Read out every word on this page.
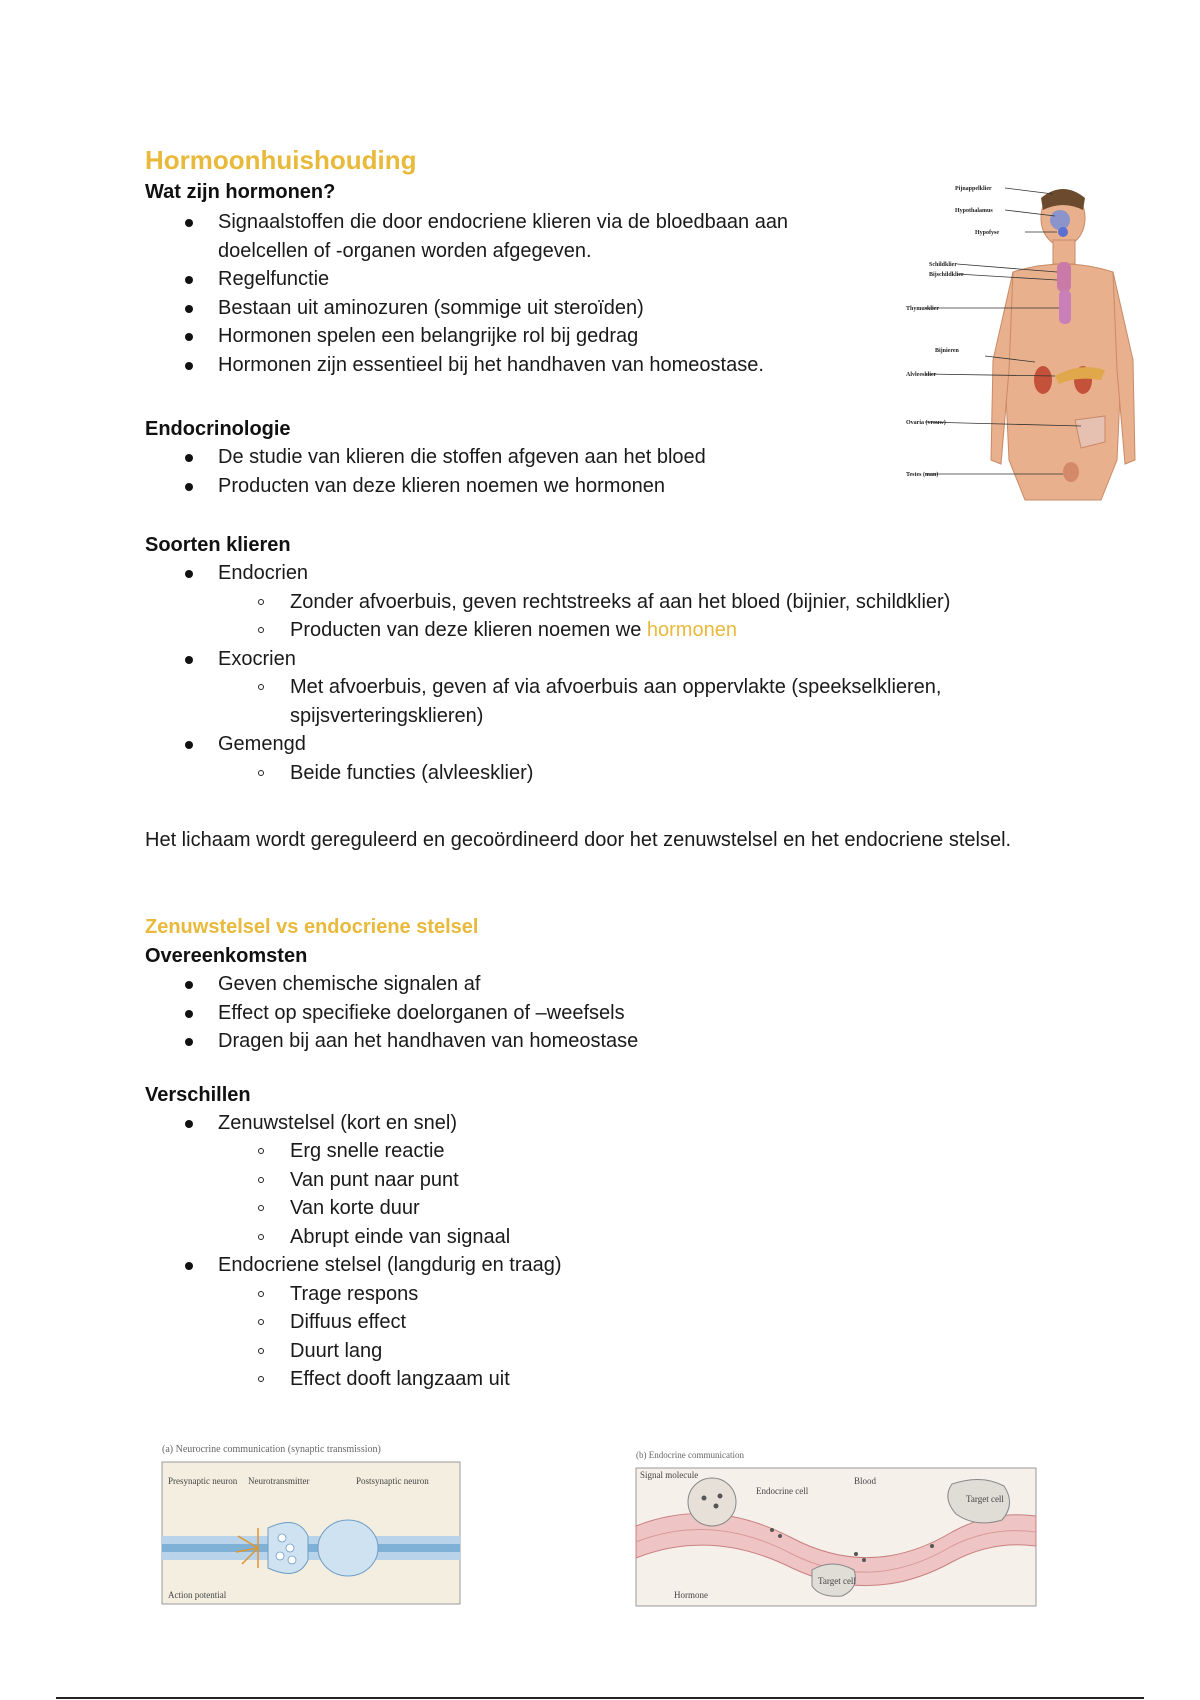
Hormoonhuishouding
Wat zijn hormonen?
Signaalstoffen die door endocriene klieren via de bloedbaan aan doelcellen of -organen worden afgegeven.
Regelfunctie
Bestaan uit aminozuren (sommige uit steroïden)
Hormonen spelen een belangrijke rol bij gedrag
Hormonen zijn essentieel bij het handhaven van homeostase.
Endocrinologie
De studie van klieren die stoffen afgeven aan het bloed
Producten van deze klieren noemen we hormonen
Soorten klieren
Endocrien
Zonder afvoerbuis, geven rechtstreeks af aan het bloed (bijnier, schildklier)
Producten van deze klieren noemen we hormonen
Exocrien
Met afvoerbuis, geven af via afvoerbuis aan oppervlakte (speekselklieren, spijsverteringsklieren)
Gemengd
Beide functies (alvleesklier)
Het lichaam wordt gereguleerd en gecoördineerd door het zenuwstelsel en het endocriene stelsel.
Zenuwstelsel vs endocriene stelsel
Overeenkomsten
Geven chemische signalen af
Effect op specifieke doelorganen of –weefsels
Dragen bij aan het handhaven van homeostase
Verschillen
Zenuwstelsel (kort en snel)
Erg snelle reactie
Van punt naar punt
Van korte duur
Abrupt einde van signaal
Endocriene stelsel (langdurig en traag)
Trage respons
Diffuus effect
Duurt lang
Effect dooft langzaam uit
Pijnappelklier
Hypothalamus
Hypofyse
Schildklier
Bijschildklier
Thymusklier
Bijnieren
Alvleesklier
Ovaria (vrouw)
Testes (man)
(a) Neurocrine communication (synaptic transmission)
Presynaptic neuron Neurotransmitter	Postsynaptic neuron
Action potential
(b) Endocrine communication
Signal molecule
Endocrine cell
Blood
Target cell
Target cell
Hormone
